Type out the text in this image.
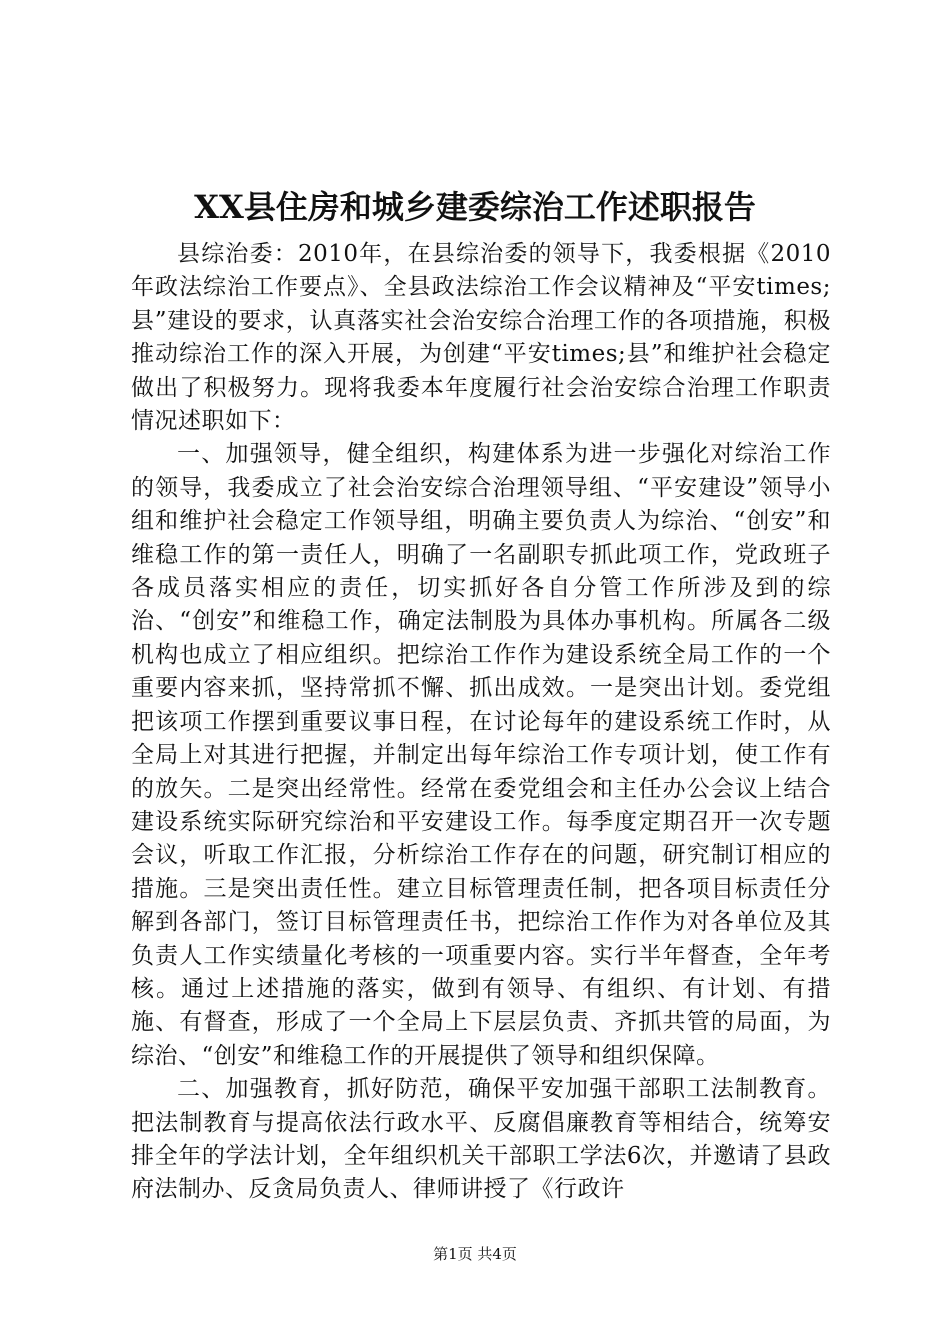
XX县住房和城乡建委综治工作述职报告

县综治委：2010年，在县综治委的领导下，我委根据《2010年政法综治工作要点》、全县政法综治工作会议精神及“平安times;县”建设的要求，认真落实社会治安综合治理工作的各项措施，积极推动综治工作的深入开展，为创建“平安times;县”和维护社会稳定做出了积极努力。现将我委本年度履行社会治安综合治理工作职责情况述职如下：

一、加强领导，健全组织，构建体系为进一步强化对综治工作的领导，我委成立了社会治安综合治理领导组、“平安建设”领导小组和维护社会稳定工作领导组，明确主要负责人为综治、“创安”和维稳工作的第一责任人，明确了一名副职专抓此项工作，党政班子各成员落实相应的责任，切实抓好各自分管工作所涉及到的综治、“创安”和维稳工作，确定法制股为具体办事机构。所属各二级机构也成立了相应组织。把综治工作作为建设系统全局工作的一个重要内容来抓，坚持常抓不懈、抓出成效。一是突出计划。委党组把该项工作摆到重要议事日程，在讨论每年的建设系统工作时，从全局上对其进行把握，并制定出每年综治工作专项计划，使工作有的放矢。二是突出经常性。经常在委党组会和主任办公会议上结合建设系统实际研究综治和平安建设工作。每季度定期召开一次专题会议，听取工作汇报，分析综治工作存在的问题，研究制订相应的措施。三是突出责任性。建立目标管理责任制，把各项目标责任分解到各部门，签订目标管理责任书，把综治工作作为对各单位及其负责人工作实绩量化考核的一项重要内容。实行半年督查，全年考核。通过上述措施的落实，做到有领导、有组织、有计划、有措施、有督查，形成了一个全局上下层层负责、齐抓共管的局面，为综治、“创安”和维稳工作的开展提供了领导和组织保障。

二、加强教育，抓好防范，确保平安加强干部职工法制教育。把法制教育与提高依法行政水平、反腐倡廉教育等相结合，统筹安排全年的学法计划，全年组织机关干部职工学法6次，并邀请了县政府法制办、反贪局负责人、律师讲授了《行政许

第1页 共4页
